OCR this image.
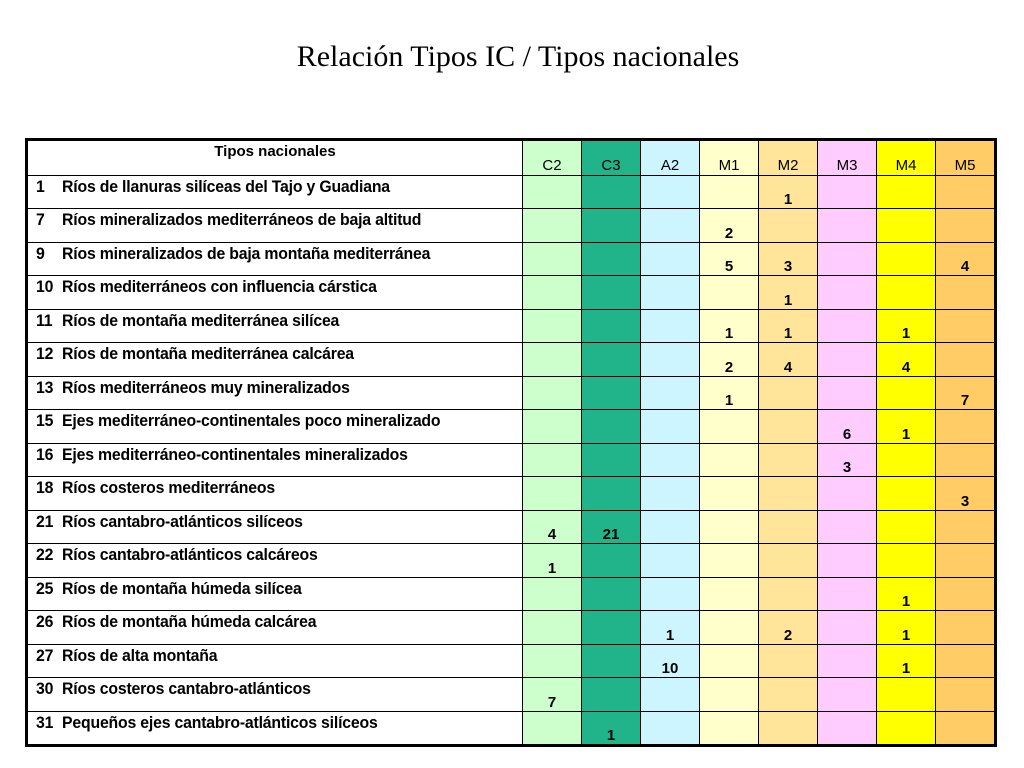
Relación Tipos IC / Tipos nacionales
Tipos nacionales	C2	C3	A2	M1	M2	M3	M4	M5
1 Ríos de llanuras silíceas del Tajo y Guadiana					1			
7 Ríos mineralizados mediterráneos de baja altitud				2				
9 Ríos mineralizados de baja montaña mediterránea				5	3			4
10 Ríos mediterráneos con influencia cárstica					1			
11 Ríos de montaña mediterránea silícea				1	1		1	
12 Ríos de montaña mediterránea calcárea				2	4		4	
13 Ríos mediterráneos muy mineralizados				1				7
15 Ejes mediterráneo-continentales poco mineralizado						6	1	
16 Ejes mediterráneo-continentales mineralizados						3		
18 Ríos costeros mediterráneos								3
21 Ríos cantabro-atlánticos silíceos	4	21						
22 Ríos cantabro-atlánticos calcáreos	1							
25 Ríos de montaña húmeda silícea							1	
26 Ríos de montaña húmeda calcárea			1		2		1	
27 Ríos de alta montaña			10				1	
30 Ríos costeros cantabro-atlánticos	7							
31 Pequeños ejes cantabro-atlánticos silíceos		1						
